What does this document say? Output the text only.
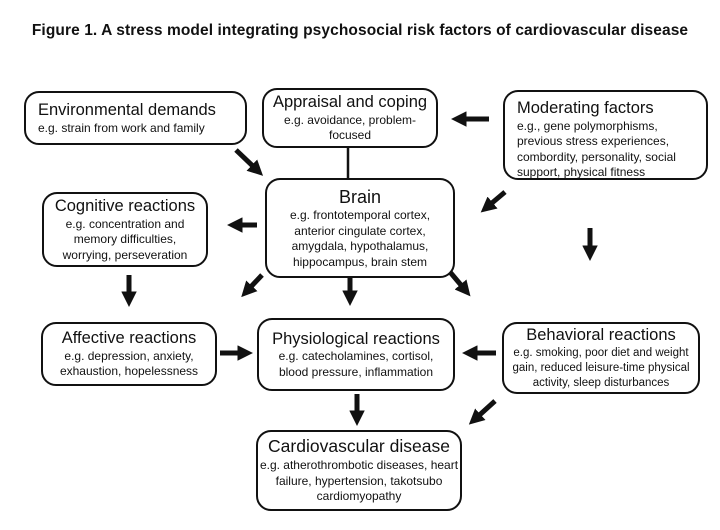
Figure 1. A stress model integrating psychosocial risk factors of cardiovascular disease
Environmental demands
e.g. strain from work and family
Appraisal and coping
e.g. avoidance, problem-focused
Moderating factors
e.g., gene polymorphisms,
previous stress experiences,
combordity, personality, social
support, physical fitness
Brain
e.g. frontotemporal cortex,
anterior cingulate cortex,
amygdala, hypothalamus,
hippocampus, brain stem
Cognitive reactions
e.g. concentration and
memory difficulties,
worrying, perseveration
Affective reactions
e.g. depression, anxiety,
exhaustion, hopelessness
Physiological reactions
e.g. catecholamines, cortisol,
blood pressure, inflammation
Behavioral reactions
e.g. smoking, poor diet and weight
gain, reduced leisure-time physical
activity, sleep disturbances
Cardiovascular disease
e.g. atherothrombotic diseases, heart
failure, hypertension, takotsubo
cardiomyopathy
